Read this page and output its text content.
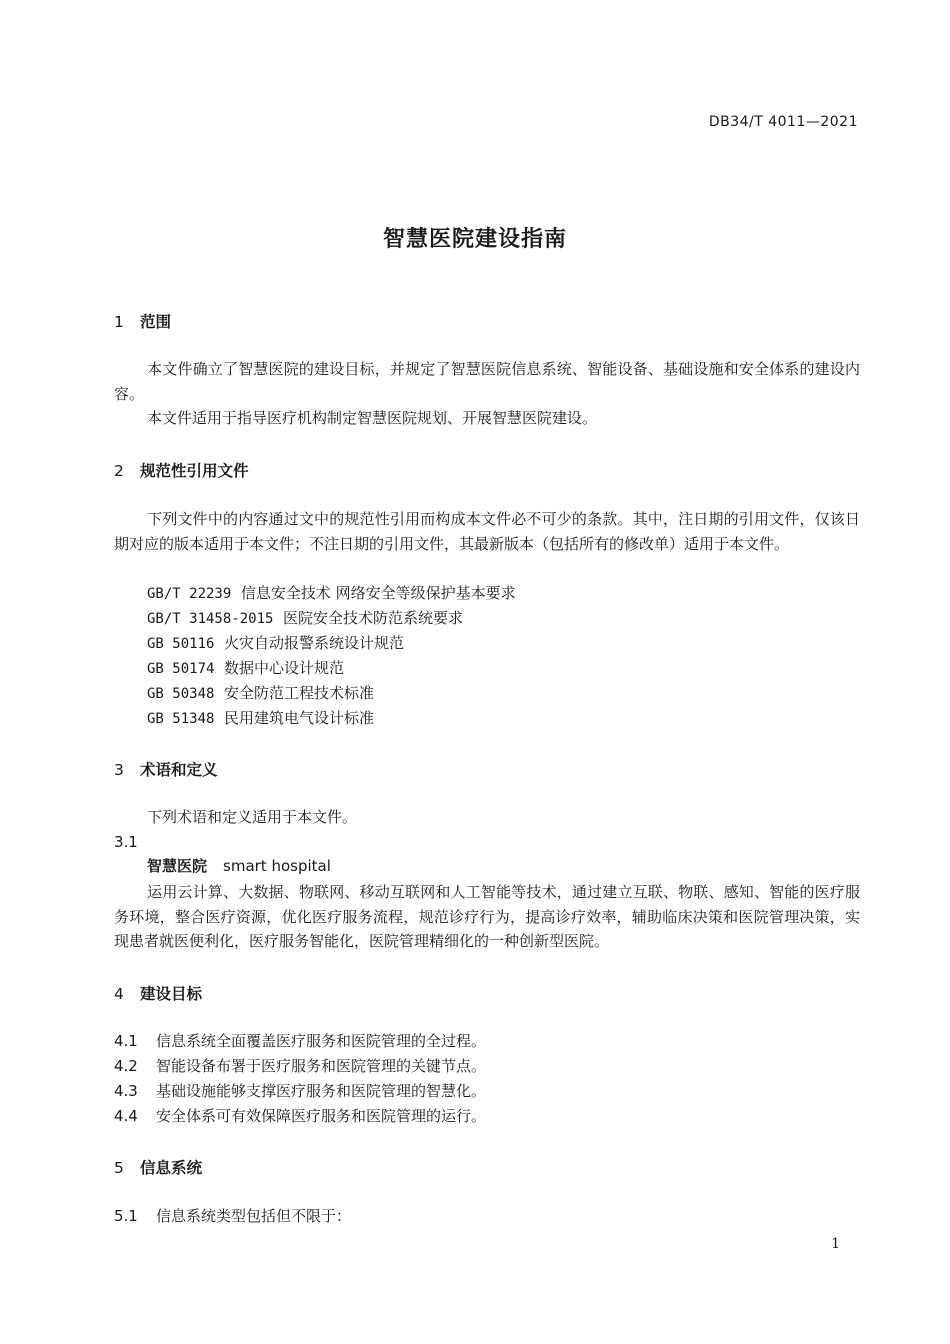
DB34/T 4011—2021
智慧医院建设指南
1 范围
本文件确立了智慧医院的建设目标，并规定了智慧医院信息系统、智能设备、基础设施和安全体系的建设内容。
本文件适用于指导医疗机构制定智慧医院规划、开展智慧医院建设。
2 规范性引用文件
下列文件中的内容通过文中的规范性引用而构成本文件必不可少的条款。其中，注日期的引用文件，仅该日期对应的版本适用于本文件；不注日期的引用文件，其最新版本（包括所有的修改单）适用于本文件。
GB/T 22239 信息安全技术 网络安全等级保护基本要求
GB/T 31458-2015 医院安全技术防范系统要求
GB 50116 火灾自动报警系统设计规范
GB 50174 数据中心设计规范
GB 50348 安全防范工程技术标准
GB 51348 民用建筑电气设计标准
3 术语和定义
下列术语和定义适用于本文件。
3.1
智慧医院 smart hospital
运用云计算、大数据、物联网、移动互联网和人工智能等技术，通过建立互联、物联、感知、智能的医疗服务环境，整合医疗资源，优化医疗服务流程，规范诊疗行为，提高诊疗效率，辅助临床决策和医院管理决策，实现患者就医便利化，医疗服务智能化，医院管理精细化的一种创新型医院。
4 建设目标
4.1 信息系统全面覆盖医疗服务和医院管理的全过程。
4.2 智能设备布署于医疗服务和医院管理的关键节点。
4.3 基础设施能够支撑医疗服务和医院管理的智慧化。
4.4 安全体系可有效保障医疗服务和医院管理的运行。
5 信息系统
5.1 信息系统类型包括但不限于：
1
